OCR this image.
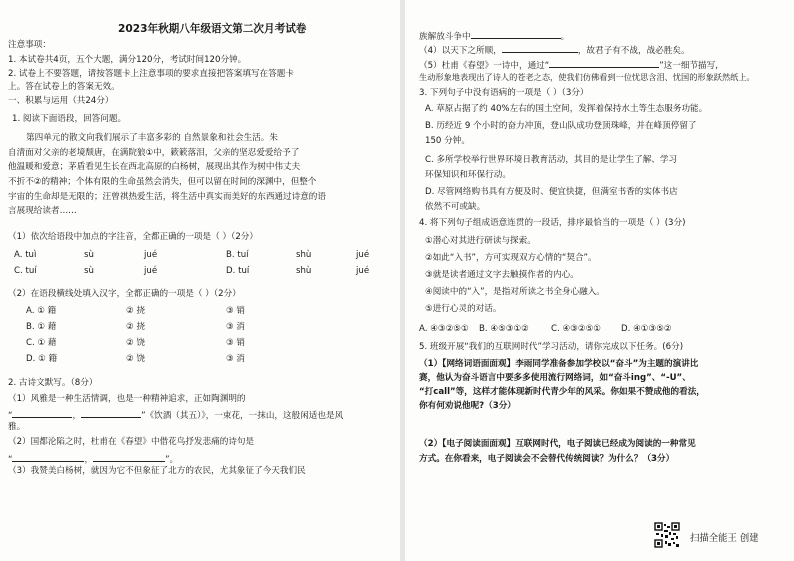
2023年秋期八年级语文第二次月考试卷
注意事项：
1. 本试卷共4页，五个大题，满分120分，考试时间120分钟。
2. 试卷上不要答题，请按答题卡上注意事项的要求直接把答案填写在答题卡
上。答在试卷上的答案无效。
一、积累与运用（共24分）
1. 阅读下面语段，回答问题。
第四单元的散文向我们展示了丰富多彩的 自然景象和社会生活。朱
自清面对父亲的老境颓唐，在满院狼①中，簌簌落泪，父亲的坚忍爱爱给予了
他温暖和爱意；茅盾看见生长在西北高原的白杨树，展现出其作为树中伟丈夫
不折不②的精神；个体有限的生命虽然会消失，但可以留在时间的深渊中，但整个
宇宙的生命却是无限的；汪曾祺热爱生活，将生活中真实而美好的东西通过诗意的语
言展现给读者……
（1）依次给语段中加点的字注音，全都正确的一项是（ ）（2分）
A. tuì	sù	jué	B. tuí	shù	jué
C. tuí	sù	jué	D. tuí	shù	jué
（2）在语段横线处填入汉字，全都正确的一项是（ ）（2分）
A. ① 籍	② 挠	③ 销
B. ① 藉	② 挠	③ 消
C. ① 藉	② 饶	③ 销
D. ① 籍	② 饶	③ 消
2. 古诗文默写。（8分）
（1）风雅是一种生活情调，也是一种精神追求，正如陶渊明的
“	，	”《饮酒（其五）》，一束花，一抹山，这般闲适也是风
雅。
（2）国都沦陷之时，杜甫在《春望》中借花鸟抒发悲痛的诗句是
“	，	”。
（3）我赞美白杨树，就因为它不但象征了北方的农民，尤其象征了今天我们民
族解放斗争中	。
（4）以天下之所顺，	，故君子有不战，战必胜矣。
（5）杜甫《春望》一诗中，通过“	”这一细节描写,
生动形象地表现出了诗人的苍老之态，使我们仿佛看到一位忧思含泪、忧国的形象跃然纸上。
3. 下列句子中没有语病的一项是（ ）（3分）
A. 草原占据了约 40%左右的国土空间，发挥着保持水土等生态服务功能。
B. 历经近 9 个小时的奋力冲顶，登山队成功登顶珠峰，并在峰顶停留了
150 分钟。
C. 多所学校举行世界环境日教育活动，其目的是让学生了解、学习
环保知识和环保行动。
D. 尽管网络购书具有方便及时、便宜快捷，但满室书香的实体书店
依然不可或缺。
4. 将下列句子组成语意连贯的一段话，排序最恰当的一项是（ ）(3分)
①潜心对其进行研读与探索。
②如此“入书”，方可实现双方心情的“契合”。
③就是读者通过文字去触摸作者的内心。
④阅读中的“入”，是指对所读之书全身心融入。
⑤进行心灵的对话。
A. ④③②⑤① B. ④⑤③①②	C. ④③②⑤① D. ④①③⑤②
5. 班级开展“我们的互联网时代”学习活动，请你完成以下任务。(6分)
（1）【网络词语面面观】李雨同学准备参加学校以“奋斗”为主题的演讲比
赛，他认为奋斗语言中要多多使用流行网络词，如“奋斗ing”、“-U”、
“打call”等，这样才能体现新时代青少年的风采。你如果不赞成他的看法，
你有何劝说他呢?（3分）
（2）【电子阅读面面观】互联网时代，电子阅读已经成为阅读的一种常见
方式。在你看来，电子阅读会不会替代传统阅读？为什么？（3分）
扫描全能王 创建
